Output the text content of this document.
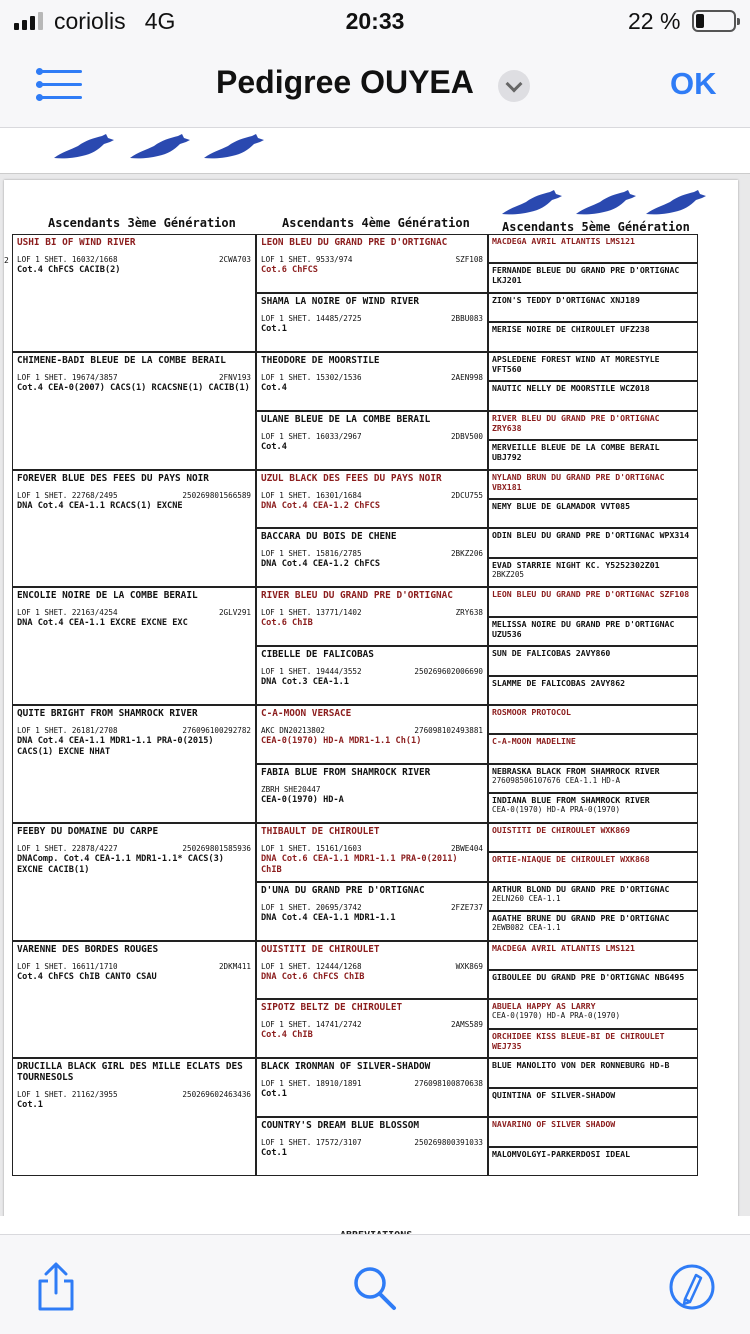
coriolis 4G	20:33	22 %
Pedigree OUYEA	OK
Ascendants 3ème Génération	Ascendants 4ème Génération	Ascendants 5ème Génération
2
USHI BI OF WIND RIVER
LOF 1 SHET. 16032/1668	2CWA703
Cot.4 ChFCS CACIB(2)
CHIMENE-BADI BLEUE DE LA COMBE BERAIL
LOF 1 SHET. 19674/3857	2FNV193
Cot.4 CEA-0(2007) CACS(1) RCACSNE(1) CACIB(1)
FOREVER BLUE DES FEES DU PAYS NOIR
LOF 1 SHET. 22768/2495	250269801566589
DNA Cot.4 CEA-1.1 RCACS(1) EXCNE
ENCOLIE NOIRE DE LA COMBE BERAIL
LOF 1 SHET. 22163/4254	2GLV291
DNA Cot.4 CEA-1.1 EXCRE EXCNE EXC
QUITE BRIGHT FROM SHAMROCK RIVER
LOF 1 SHET. 26181/2708	276096100292782
DNA Cot.4 CEA-1.1 MDR1-1.1 PRA-0(2015) CACS(1) EXCNE NHAT
FEEBY DU DOMAINE DU CARPE
LOF 1 SHET. 22878/4227	250269801585936
DNAComp. Cot.4 CEA-1.1 MDR1-1.1* CACS(3) EXCNE CACIB(1)
VARENNE DES BORDES ROUGES
LOF 1 SHET. 16611/1710	2DKM411
Cot.4 ChFCS ChIB CANTO CSAU
DRUCILLA BLACK GIRL DES MILLE ECLATS DES TOURNESOLS
LOF 1 SHET. 21162/3955	250269602463436
Cot.1
LEON BLEU DU GRAND PRE D'ORTIGNAC
LOF 1 SHET. 9533/974	SZF108
Cot.6 ChFCS
SHAMA LA NOIRE OF WIND RIVER
LOF 1 SHET. 14485/2725	2BBU083
Cot.1
THEODORE DE MOORSTILE
LOF 1 SHET. 15302/1536	2AEN998
Cot.4
ULANE BLEUE DE LA COMBE BERAIL
LOF 1 SHET. 16033/2967	2DBV500
Cot.4
UZUL BLACK DES FEES DU PAYS NOIR
LOF 1 SHET. 16301/1684	2DCU755
DNA Cot.4 CEA-1.2 ChFCS
BACCARA DU BOIS DE CHENE
LOF 1 SHET. 15816/2785	2BKZ206
DNA Cot.4 CEA-1.2 ChFCS
RIVER BLEU DU GRAND PRE D'ORTIGNAC
LOF 1 SHET. 13771/1402	ZRY638
Cot.6 ChIB
CIBELLE DE FALICOBAS
LOF 1 SHET. 19444/3552	250269602006690
DNA Cot.3 CEA-1.1
C-A-MOON VERSACE
AKC DN20213802	276098102493881
CEA-0(1970) HD-A MDR1-1.1 Ch(1)
FABIA BLUE FROM SHAMROCK RIVER
ZBRH SHE20447
CEA-0(1970) HD-A
THIBAULT DE CHIROULET
LOF 1 SHET. 15161/1603	2BWE404
DNA Cot.6 CEA-1.1 MDR1-1.1 PRA-0(2011) ChIB
D'UNA DU GRAND PRE D'ORTIGNAC
LOF 1 SHET. 20695/3742	2FZE737
DNA Cot.4 CEA-1.1 MDR1-1.1
OUISTITI DE CHIROULET
LOF 1 SHET. 12444/1268	WXK869
DNA Cot.6 ChFCS ChIB
SIPOTZ BELTZ DE CHIROULET
LOF 1 SHET. 14741/2742	2AMS589
Cot.4 ChIB
BLACK IRONMAN OF SILVER-SHADOW
LOF 1 SHET. 18910/1891	276098100870638
Cot.1
COUNTRY'S DREAM BLUE BLOSSOM
LOF 1 SHET. 17572/3107	250269800391033
Cot.1
MACDEGA AVRIL ATLANTIS LMS121
FERNANDE BLEUE DU GRAND PRE D'ORTIGNAC LKJ201
ZION'S TEDDY D'ORTIGNAC XNJ189
MERISE NOIRE DE CHIROULET UFZ238
APSLEDENE FOREST WIND AT MORESTYLE VFT560
NAUTIC NELLY DE MOORSTILE WCZ018
RIVER BLEU DU GRAND PRE D'ORTIGNAC ZRY638
MERVEILLE BLEUE DE LA COMBE BERAIL UBJ792
NYLAND BRUN DU GRAND PRE D'ORTIGNAC VBX181
NEMY BLUE DE GLAMADOR VVT085
ODIN BLEU DU GRAND PRE D'ORTIGNAC WPX314
EVAD STARRIE NIGHT KC. Y5252302Z01
2BKZ205
LEON BLEU DU GRAND PRE D'ORTIGNAC SZF108
MELISSA NOIRE DU GRAND PRE D'ORTIGNAC UZU536
SUN DE FALICOBAS 2AVY860
SLAMME DE FALICOBAS 2AVY862
ROSMOOR PROTOCOL
C-A-MOON MADELINE
NEBRASKA BLACK FROM SHAMROCK RIVER
276098506107676 CEA-1.1 HD-A
INDIANA BLUE FROM SHAMROCK RIVER
CEA-0(1970) HD-A PRA-0(1970)
OUISTITI DE CHIROULET WXK869
ORTIE-NIAQUE DE CHIROULET WXK868
ARTHUR BLOND DU GRAND PRE D'ORTIGNAC
2ELN260 CEA-1.1
AGATHE BRUNE DU GRAND PRE D'ORTIGNAC
2EWB082 CEA-1.1
MACDEGA AVRIL ATLANTIS LMS121
GIBOULEE DU GRAND PRE D'ORTIGNAC NBG495
ABUELA HAPPY AS LARRY
CEA-0(1970) HD-A PRA-0(1970)
ORCHIDEE KISS BLEUE-BI DE CHIROULET WEJ735
BLUE MANOLITO VON DER RONNEBURG HD-B
QUINTINA OF SILVER-SHADOW
NAVARINO OF SILVER SHADOW
MALOMVOLGYI-PARKERDOSI IDEAL
